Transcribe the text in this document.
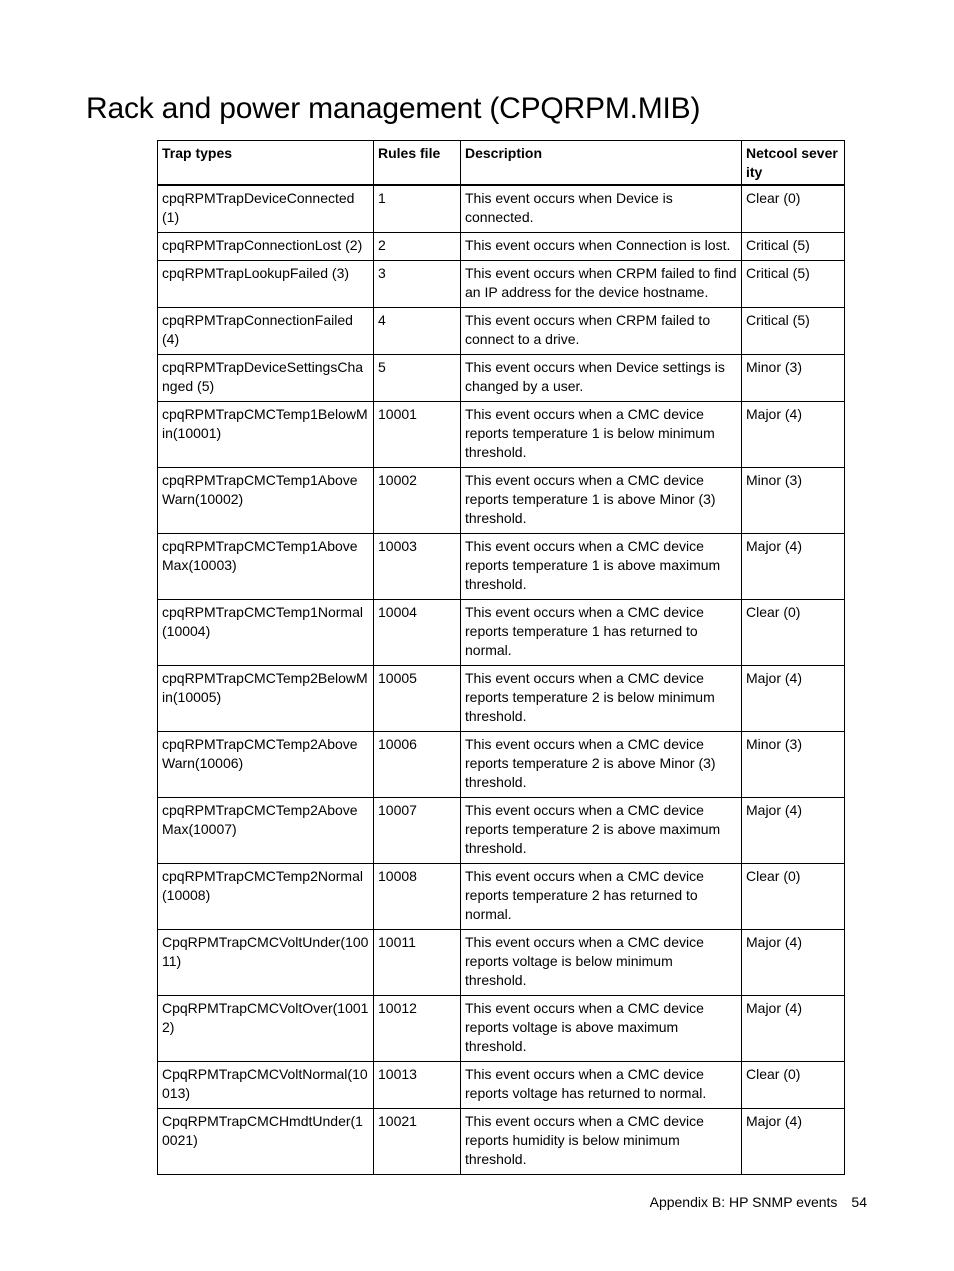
Rack and power management (CPQRPM.MIB)
Trap types	Rules file	Description	Netcool severity
cpqRPMTrapDeviceConnected (1)	1	This event occurs when Device is connected.	Clear (0)
cpqRPMTrapConnectionLost (2)	2	This event occurs when Connection is lost.	Critical (5)
cpqRPMTrapLookupFailed (3)	3	This event occurs when CRPM failed to find an IP address for the device hostname.	Critical (5)
cpqRPMTrapConnectionFailed (4)	4	This event occurs when CRPM failed to connect to a drive.	Critical (5)
cpqRPMTrapDeviceSettingsChanged (5)	5	This event occurs when Device settings is changed by a user.	Minor (3)
cpqRPMTrapCMCTemp1BelowMin(10001)	10001	This event occurs when a CMC device reports temperature 1 is below minimum threshold.	Major (4)
cpqRPMTrapCMCTemp1AboveWarn(10002)	10002	This event occurs when a CMC device reports temperature 1 is above Minor (3) threshold.	Minor (3)
cpqRPMTrapCMCTemp1AboveMax(10003)	10003	This event occurs when a CMC device reports temperature 1 is above maximum threshold.	Major (4)
cpqRPMTrapCMCTemp1Normal(10004)	10004	This event occurs when a CMC device reports temperature 1 has returned to normal.	Clear (0)
cpqRPMTrapCMCTemp2BelowMin(10005)	10005	This event occurs when a CMC device reports temperature 2 is below minimum threshold.	Major (4)
cpqRPMTrapCMCTemp2AboveWarn(10006)	10006	This event occurs when a CMC device reports temperature 2 is above Minor (3) threshold.	Minor (3)
cpqRPMTrapCMCTemp2AboveMax(10007)	10007	This event occurs when a CMC device reports temperature 2 is above maximum threshold.	Major (4)
cpqRPMTrapCMCTemp2Normal(10008)	10008	This event occurs when a CMC device reports temperature 2 has returned to normal.	Clear (0)
CpqRPMTrapCMCVoltUnder(10011)	10011	This event occurs when a CMC device reports voltage is below minimum threshold.	Major (4)
CpqRPMTrapCMCVoltOver(10012)	10012	This event occurs when a CMC device reports voltage is above maximum threshold.	Major (4)
CpqRPMTrapCMCVoltNormal(10013)	10013	This event occurs when a CMC device reports voltage has returned to normal.	Clear (0)
CpqRPMTrapCMCHmdtUnder(10021)	10021	This event occurs when a CMC device reports humidity is below minimum threshold.	Major (4)
Appendix B: HP SNMP events 54
